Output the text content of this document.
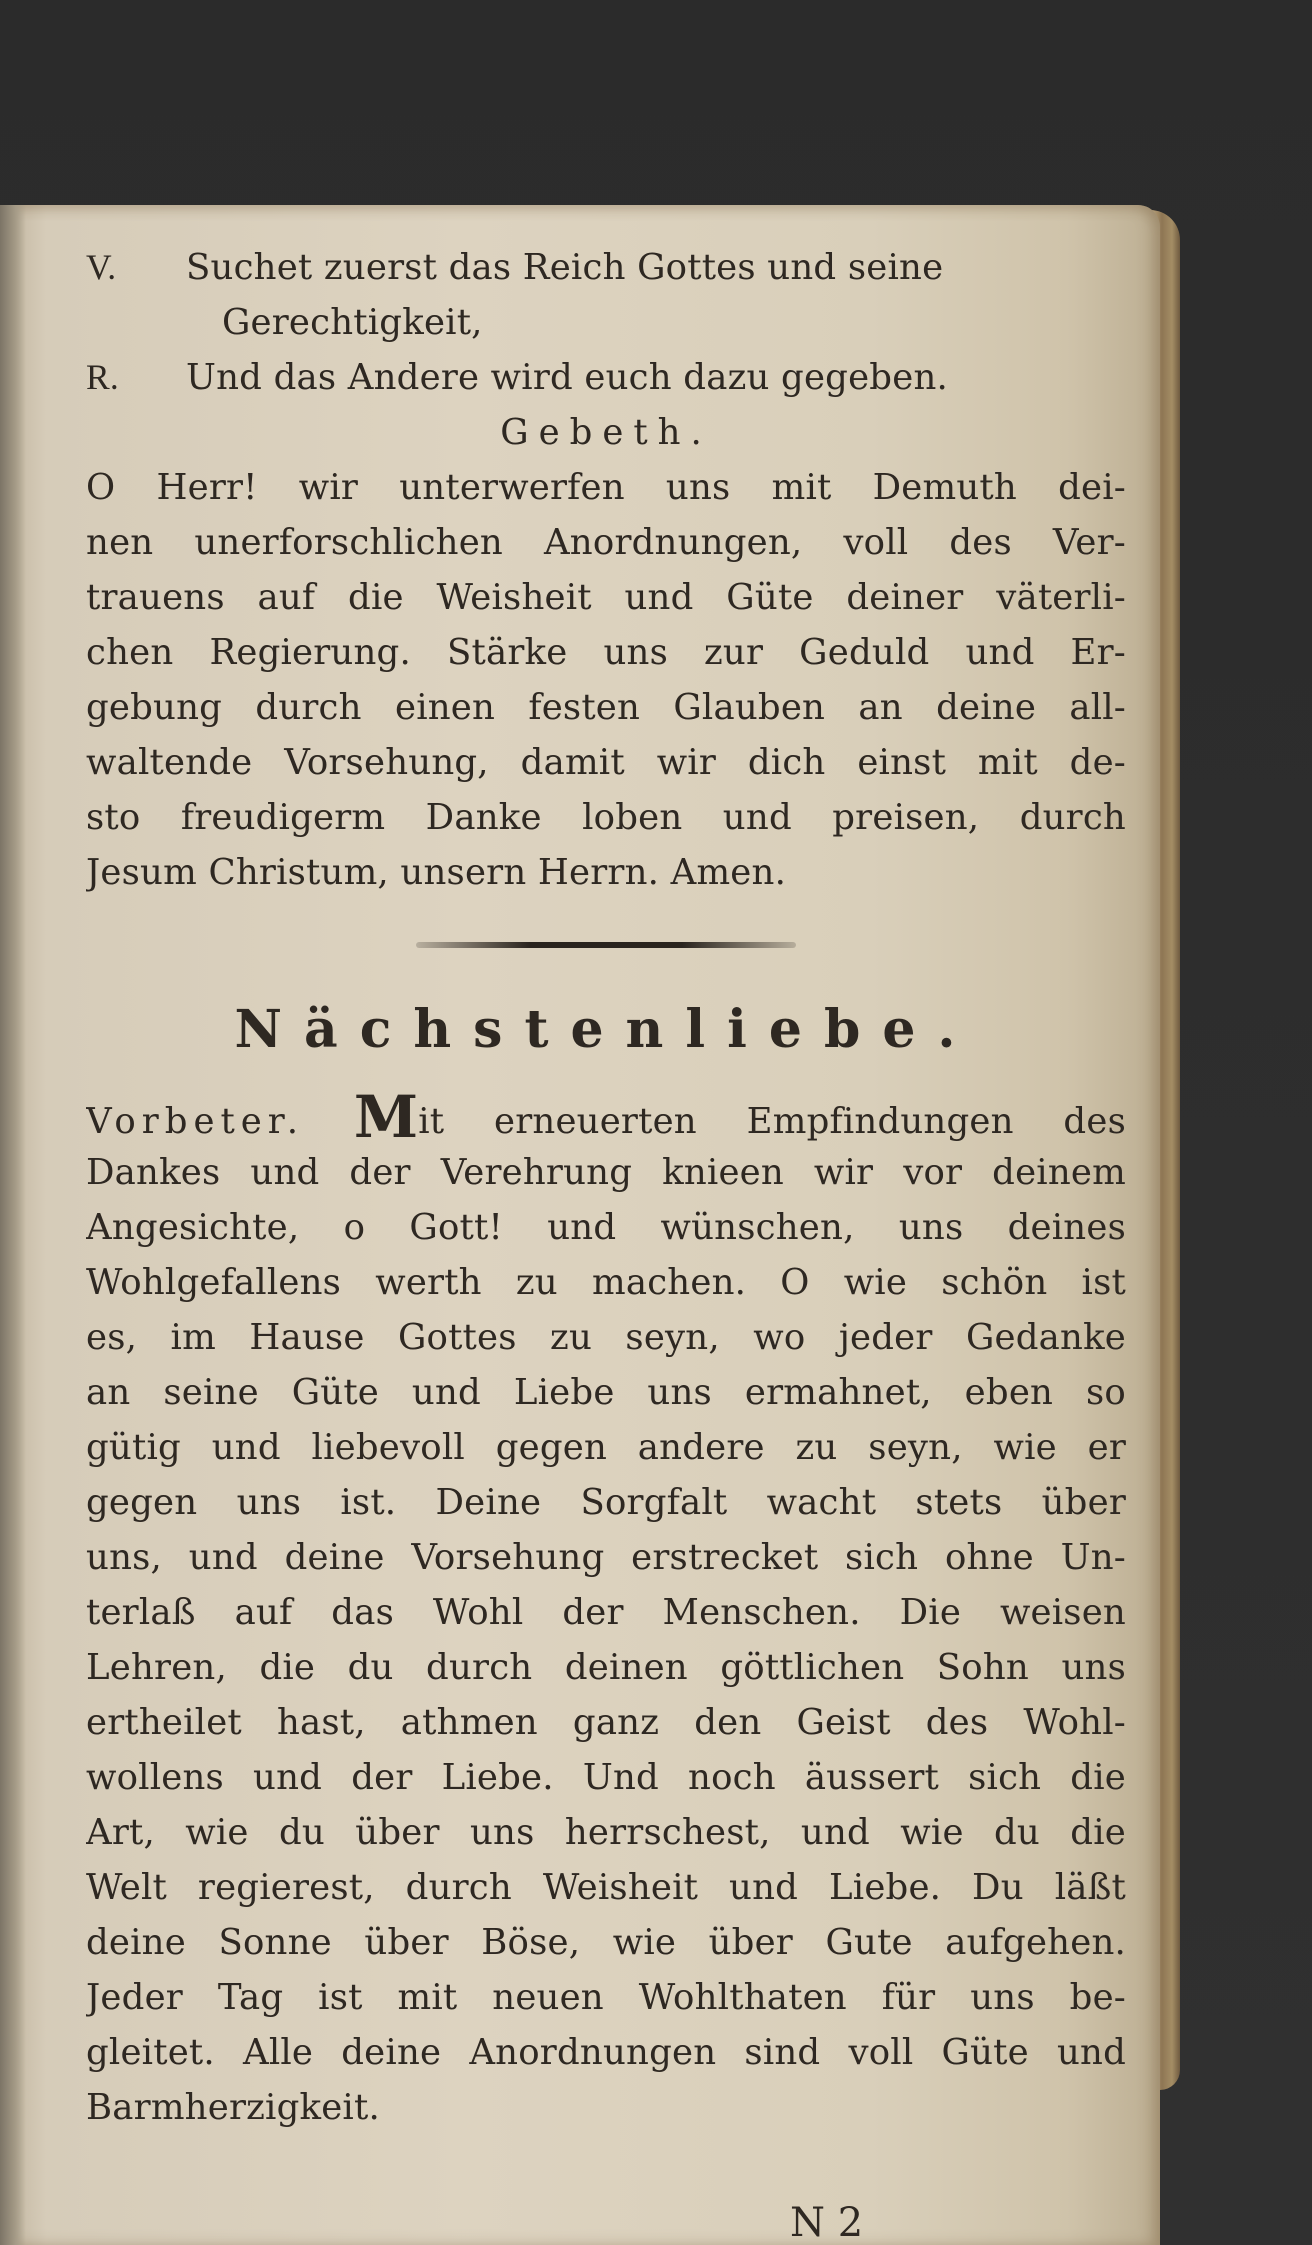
V. Suchet zuerst das Reich Gottes und seine
Gerechtigkeit,
R. Und das Andere wird euch dazu gegeben.
Gebeth.
O Herr! wir unterwerfen uns mit Demuth dei-
nen unerforschlichen Anordnungen, voll des Ver-
trauens auf die Weisheit und Güte deiner väterli-
chen Regierung. Stärke uns zur Geduld und Er-
gebung durch einen festen Glauben an deine all-
waltende Vorsehung, damit wir dich einst mit de-
sto freudigerm Danke loben und preisen, durch
Jesum Christum, unsern Herrn. Amen.
Nächstenliebe.
Vorbeter. Mit erneuerten Empfindungen des
Dankes und der Verehrung knieen wir vor deinem
Angesichte, o Gott! und wünschen, uns deines
Wohlgefallens werth zu machen. O wie schön ist
es, im Hause Gottes zu seyn, wo jeder Gedanke
an seine Güte und Liebe uns ermahnet, eben so
gütig und liebevoll gegen andere zu seyn, wie er
gegen uns ist. Deine Sorgfalt wacht stets über
uns, und deine Vorsehung erstrecket sich ohne Un-
terlaß auf das Wohl der Menschen. Die weisen
Lehren, die du durch deinen göttlichen Sohn uns
ertheilet hast, athmen ganz den Geist des Wohl-
wollens und der Liebe. Und noch äussert sich die
Art, wie du über uns herrschest, und wie du die
Welt regierest, durch Weisheit und Liebe. Du läßt
deine Sonne über Böse, wie über Gute aufgehen.
Jeder Tag ist mit neuen Wohlthaten für uns be-
gleitet. Alle deine Anordnungen sind voll Güte und
Barmherzigkeit.
N 2
